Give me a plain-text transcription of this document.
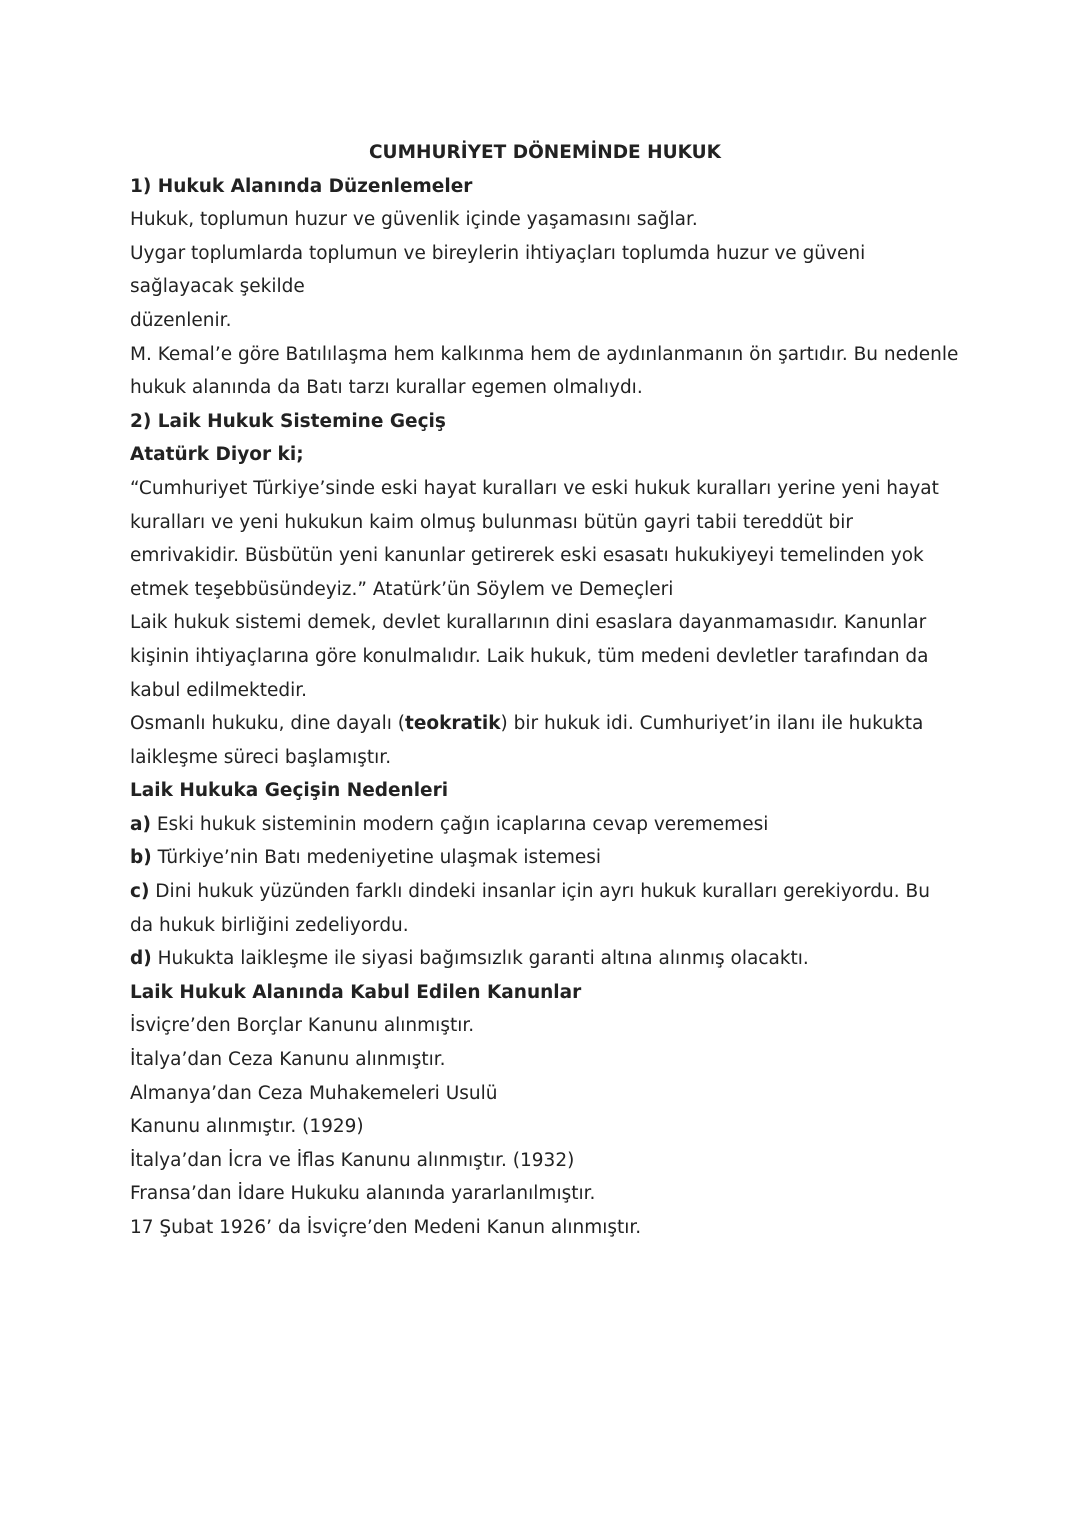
CUMHURİYET DÖNEMİNDE HUKUK

1) Hukuk Alanında Düzenlemeler

Hukuk, toplumun huzur ve güvenlik içinde yaşamasını sağlar.

Uygar toplumlarda toplumun ve bireylerin ihtiyaçları toplumda huzur ve güveni

sağlayacak şekilde

düzenlenir.

M. Kemal’e göre Batılılaşma hem kalkınma hem de aydınlanmanın ön şartıdır. Bu nedenle

hukuk alanında da Batı tarzı kurallar egemen olmalıydı.

2) Laik Hukuk Sistemine Geçiş

Atatürk Diyor ki;

“Cumhuriyet Türkiye’sinde eski hayat kuralları ve eski hukuk kuralları yerine yeni hayat

kuralları ve yeni hukukun kaim olmuş bulunması bütün gayri tabii tereddüt bir

emrivakidir. Büsbütün yeni kanunlar getirerek eski esasatı hukukiyeyi temelinden yok

etmek teşebbüsündeyiz.” Atatürk’ün Söylem ve Demeçleri

Laik hukuk sistemi demek, devlet kurallarının dini esaslara dayanmamasıdır. Kanunlar

kişinin ihtiyaçlarına göre konulmalıdır. Laik hukuk, tüm medeni devletler tarafından da

kabul edilmektedir.

Osmanlı hukuku, dine dayalı (teokratik) bir hukuk idi. Cumhuriyet’in ilanı ile hukukta

laikleşme süreci başlamıştır.

Laik Hukuka Geçişin Nedenleri

a) Eski hukuk sisteminin modern çağın icaplarına cevap verememesi

b) Türkiye’nin Batı medeniyetine ulaşmak istemesi

c) Dini hukuk yüzünden farklı dindeki insanlar için ayrı hukuk kuralları gerekiyordu. Bu

da hukuk birliğini zedeliyordu.

d) Hukukta laikleşme ile siyasi bağımsızlık garanti altına alınmış olacaktı.

Laik Hukuk Alanında Kabul Edilen Kanunlar

İsviçre’den Borçlar Kanunu alınmıştır.

İtalya’dan Ceza Kanunu alınmıştır.

Almanya’dan Ceza Muhakemeleri Usulü

Kanunu alınmıştır. (1929)

İtalya’dan İcra ve İflas Kanunu alınmıştır. (1932)

Fransa’dan İdare Hukuku alanında yararlanılmıştır.

17 Şubat 1926’ da İsviçre’den Medeni Kanun alınmıştır.
